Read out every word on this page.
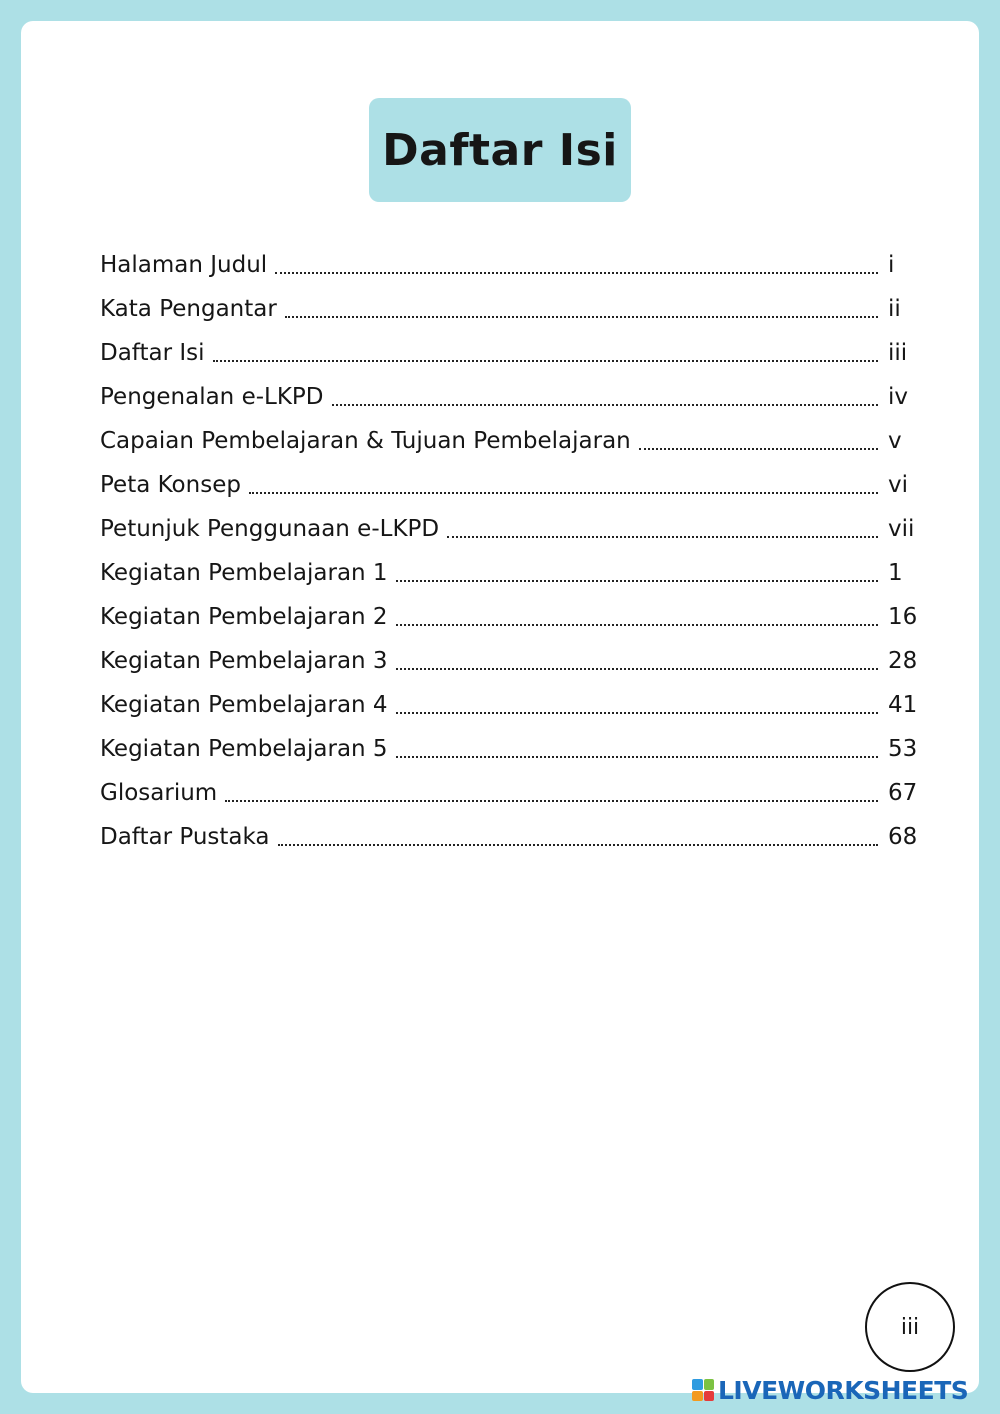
Daftar Isi
Halaman Judul	i
Kata Pengantar	ii
Daftar Isi	iii
Pengenalan e-LKPD	iv
Capaian Pembelajaran & Tujuan Pembelajaran	v
Peta Konsep	vi
Petunjuk Penggunaan e-LKPD	vii
Kegiatan Pembelajaran 1	1
Kegiatan Pembelajaran 2	16
Kegiatan Pembelajaran 3	28
Kegiatan Pembelajaran 4	41
Kegiatan Pembelajaran 5	53
Glosarium	67
Daftar Pustaka	68
iii
LIVEWORKSHEETS
